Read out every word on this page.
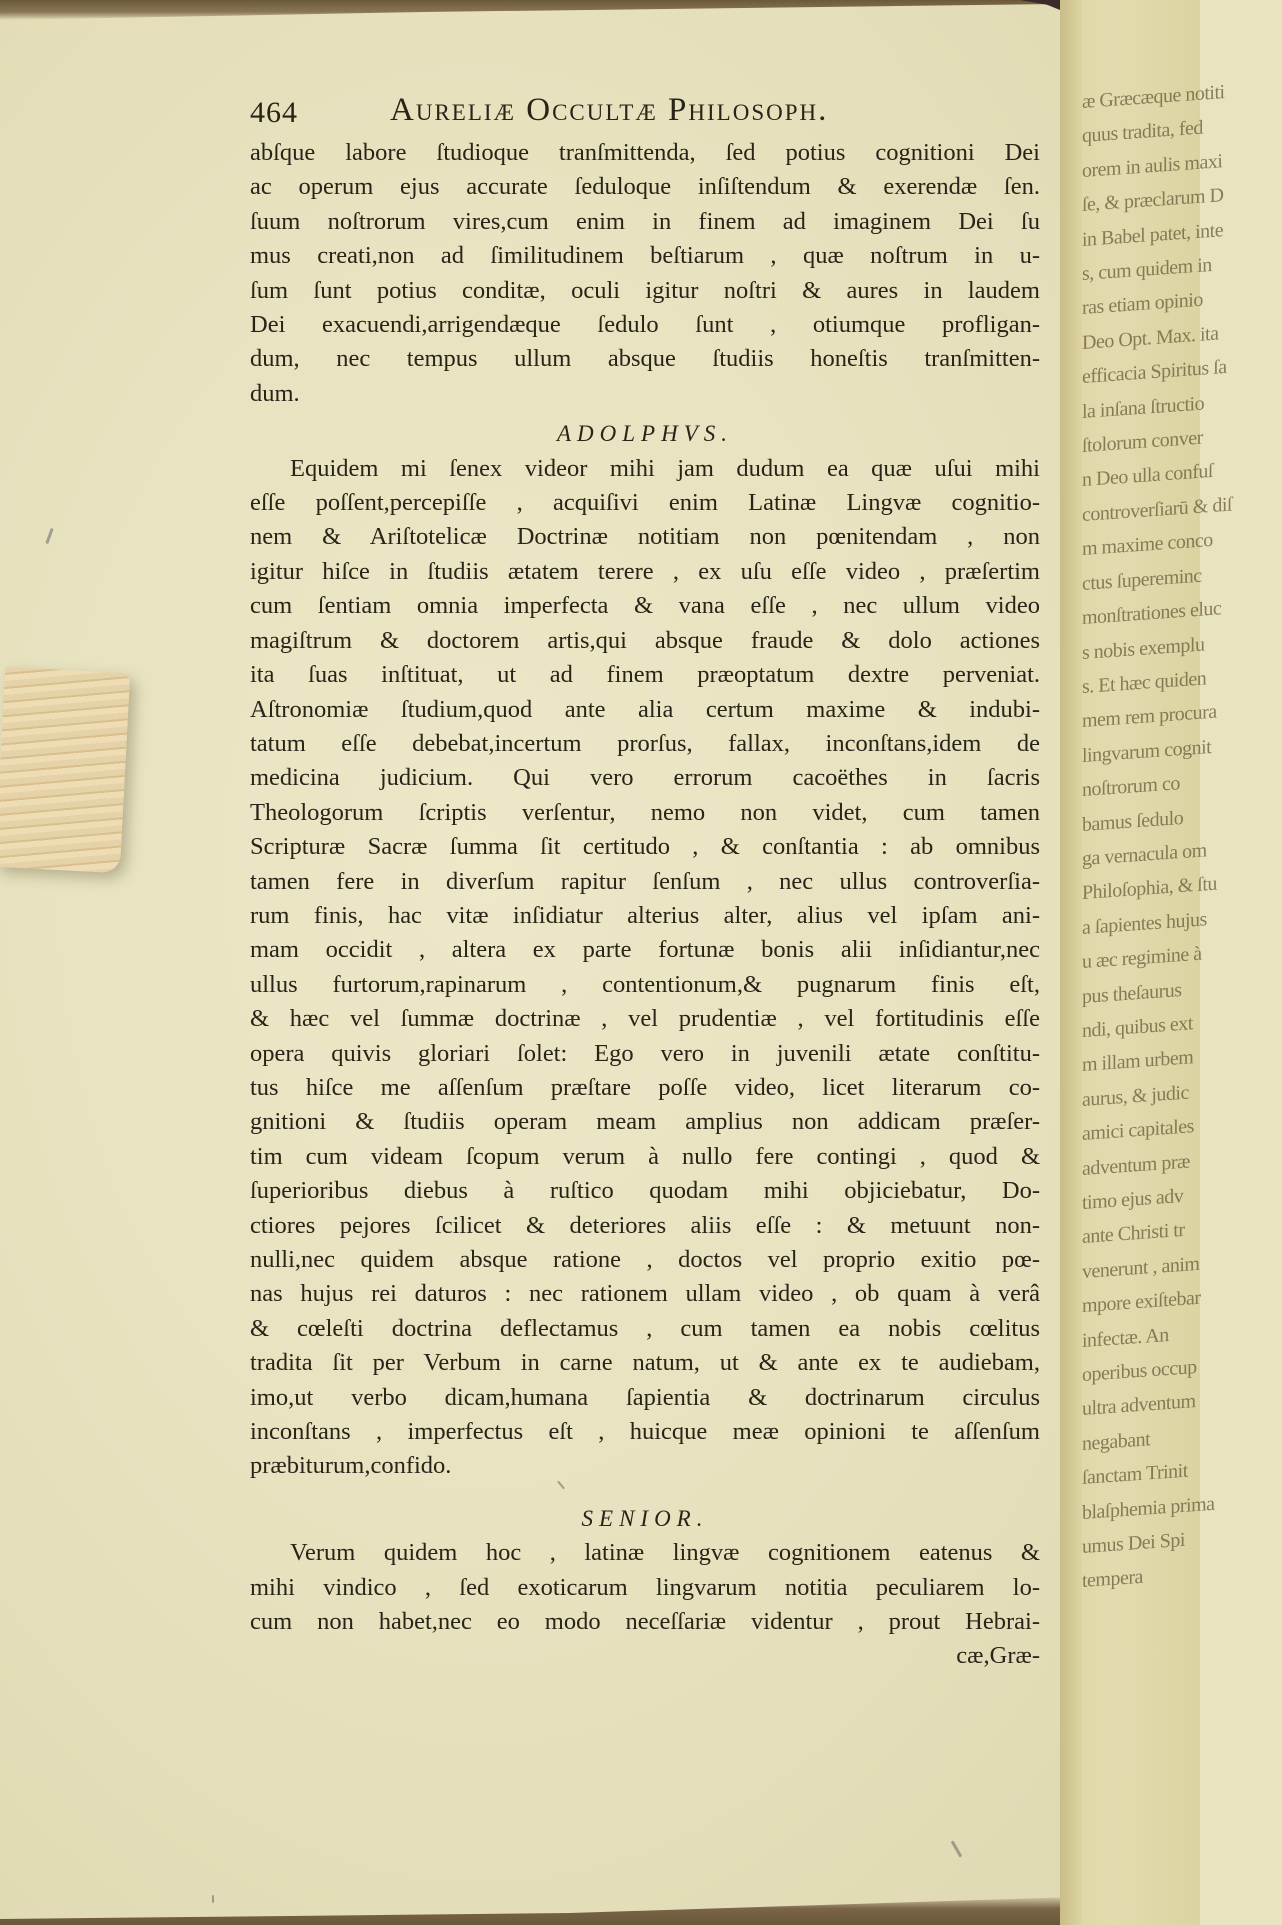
æ Græcæque notiti
quus tradita, fed
orem in aulis maxi
ſe, & præclarum D
in Babel patet, inte
s, cum quidem in
ras etiam opinio
Deo Opt. Max. ita
efficacia Spiritus ſa
la inſana ſtructio
ſtolorum conver
n Deo ulla confuſ
controverſiarū & diſ
m maxime conco
ctus ſupereminc
monſtrationes eluc
s nobis exemplu
s. Et hæc quiden
mem rem procura
lingvarum cognit
noſtrorum co
bamus ſedulo
ga vernacula om
Philoſophia, & ſtu
a ſapientes hujus
u æc regimine à
pus theſaurus
ndi, quibus ext
m illam urbem
aurus, & judic
amici capitales
adventum præ
timo ejus adv
ante Christi tr
venerunt , anim
mpore exiſtebar
infectæ. An
operibus occup
ultra adventum
negabant
ſanctam Trinit
blaſphemia prima
umus Dei Spi
tempera
464	Aureliæ Occultæ Philosoph.
abſque labore ſtudioque tranſmittenda, ſed potius cognitioni Dei
ac operum ejus accurate ſeduloque inſiſtendum & exerendæ ſen.
ſuum noſtrorum vires,cum enim in finem ad imaginem Dei ſu
mus creati,non ad ſimilitudinem beſtiarum , quæ noſtrum in u-
ſum ſunt potius conditæ, oculi igitur noſtri & aures in laudem
Dei exacuendi,arrigendæque ſedulo ſunt , otiumque profligan-
dum, nec tempus ullum absque ſtudiis honeſtis tranſmitten-
dum.
ADOLPHVS.
Equidem mi ſenex videor mihi jam dudum ea quæ uſui mihi
eſſe poſſent,percepiſſe , acquiſivi enim Latinæ Lingvæ cognitio-
nem & Ariſtotelicæ Doctrinæ notitiam non pœnitendam , non
igitur hiſce in ſtudiis ætatem terere , ex uſu eſſe video , præſertim
cum ſentiam omnia imperfecta & vana eſſe , nec ullum video
magiſtrum & doctorem artis,qui absque fraude & dolo actiones
ita ſuas inſtituat, ut ad finem præoptatum dextre perveniat.
Aſtronomiæ ſtudium,quod ante alia certum maxime & indubi-
tatum eſſe debebat,incertum prorſus, fallax, inconſtans,idem de
medicina judicium. Qui vero errorum cacoëthes in ſacris
Theologorum ſcriptis verſentur, nemo non videt, cum tamen
Scripturæ Sacræ ſumma ſit certitudo , & conſtantia : ab omnibus
tamen fere in diverſum rapitur ſenſum , nec ullus controverſia-
rum finis, hac vitæ inſidiatur alterius alter, alius vel ipſam ani-
mam occidit , altera ex parte fortunæ bonis alii inſidiantur,nec
ullus furtorum,rapinarum , contentionum,& pugnarum finis eſt,
& hæc vel ſummæ doctrinæ , vel prudentiæ , vel fortitudinis eſſe
opera quivis gloriari ſolet: Ego vero in juvenili ætate conſtitu-
tus hiſce me aſſenſum præſtare poſſe video, licet literarum co-
gnitioni & ſtudiis operam meam amplius non addicam præſer-
tim cum videam ſcopum verum à nullo fere contingi , quod &
ſuperioribus diebus à ruſtico quodam mihi objiciebatur, Do-
ctiores pejores ſcilicet & deteriores aliis eſſe : & metuunt non-
nulli,nec quidem absque ratione , doctos vel proprio exitio pœ-
nas hujus rei daturos : nec rationem ullam video , ob quam à verâ
& cœleſti doctrina deflectamus , cum tamen ea nobis cœlitus
tradita ſit per Verbum in carne natum, ut & ante ex te audiebam,
imo,ut verbo dicam,humana ſapientia & doctrinarum circulus
inconſtans , imperfectus eſt , huicque meæ opinioni te aſſenſum
præbiturum,confido.
SENIOR.
Verum quidem hoc , latinæ lingvæ cognitionem eatenus &
mihi vindico , ſed exoticarum lingvarum notitia peculiarem lo-
cum non habet,nec eo modo neceſſariæ videntur , prout Hebrai-
cæ,Græ-
